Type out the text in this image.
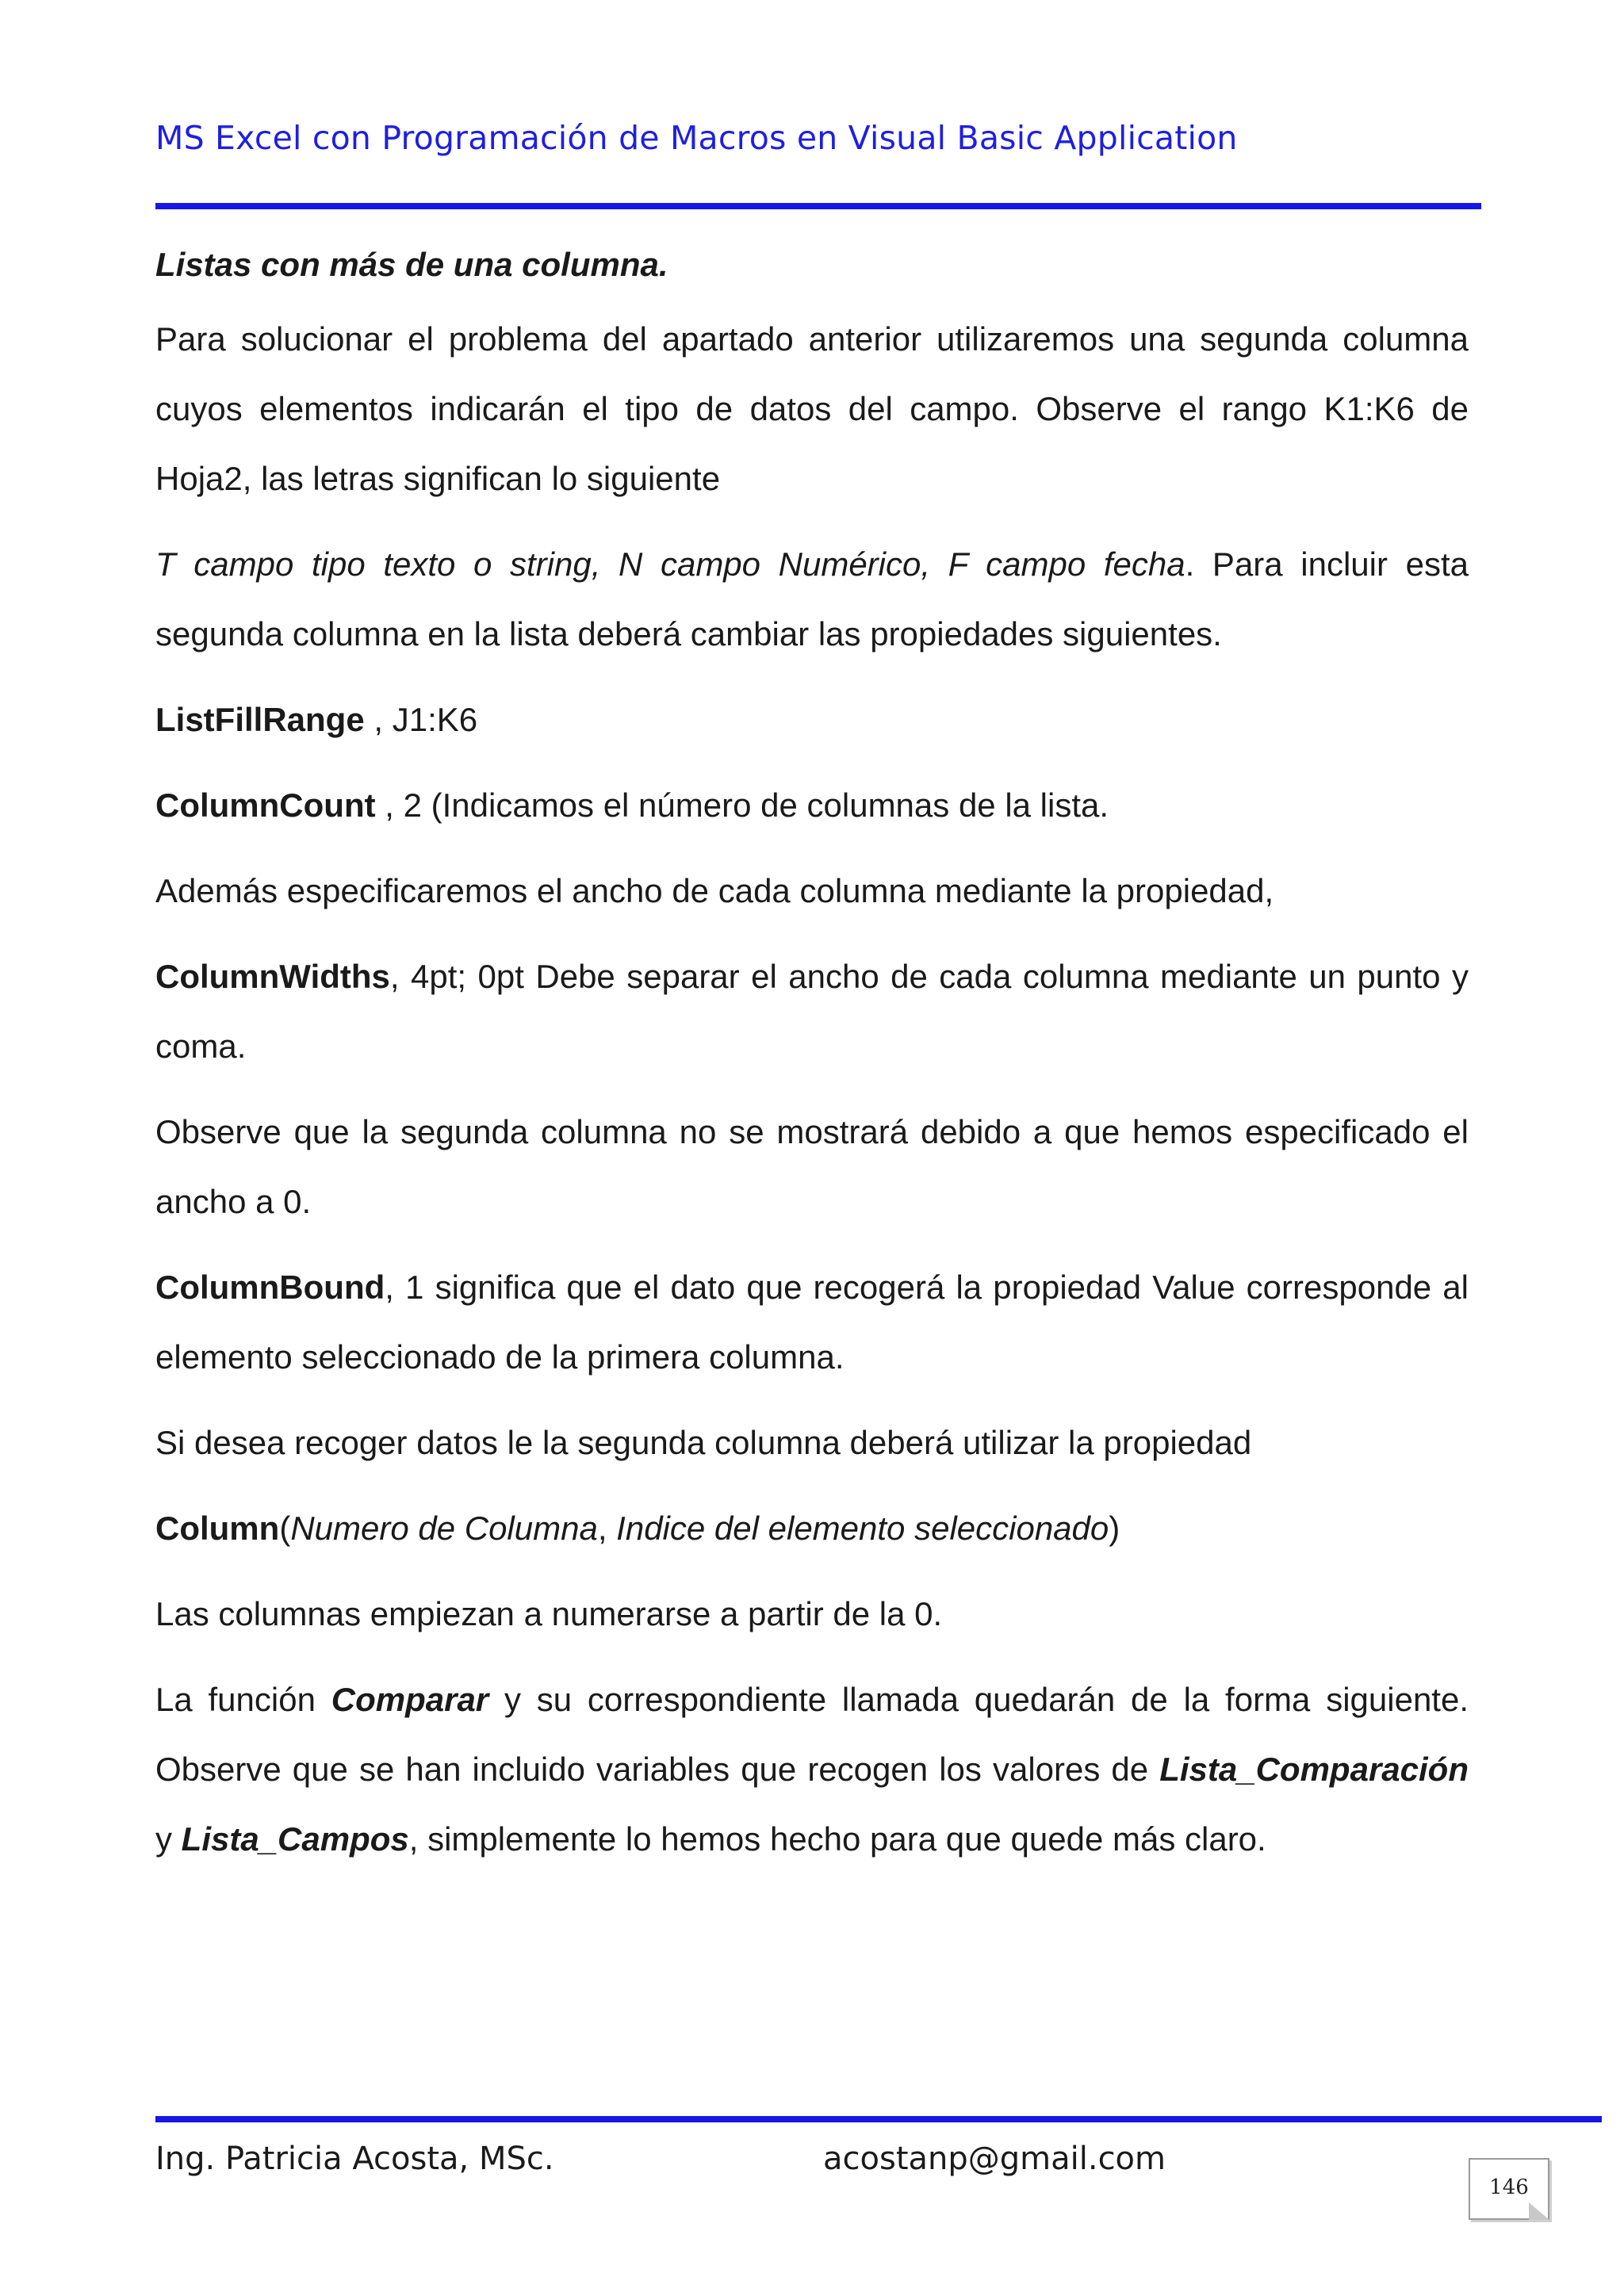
MS Excel con Programación de Macros en Visual Basic Application

Listas con más de una columna.

Para solucionar el problema del apartado anterior utilizaremos una segunda columna cuyos elementos indicarán el tipo de datos del campo. Observe el rango K1:K6 de Hoja2, las letras significan lo siguiente

T campo tipo texto o string, N campo Numérico, F campo fecha. Para incluir esta segunda columna en la lista deberá cambiar las propiedades siguientes.

ListFillRange , J1:K6

ColumnCount , 2 (Indicamos el número de columnas de la lista.

Además especificaremos el ancho de cada columna mediante la propiedad,

ColumnWidths, 4pt; 0pt Debe separar el ancho de cada columna mediante un punto y coma.

Observe que la segunda columna no se mostrará debido a que hemos especificado el ancho a 0.

ColumnBound, 1 significa que el dato que recogerá la propiedad Value corresponde al elemento seleccionado de la primera columna.

Si desea recoger datos le la segunda columna deberá utilizar la propiedad

Column(Numero de Columna, Indice del elemento seleccionado)

Las columnas empiezan a numerarse a partir de la 0.

La función Comparar y su correspondiente llamada quedarán de la forma siguiente. Observe que se han incluido variables que recogen los valores de Lista_Comparación y Lista_Campos, simplemente lo hemos hecho para que quede más claro.

Ing. Patricia Acosta, MSc.	acostanp@gmail.com
146
